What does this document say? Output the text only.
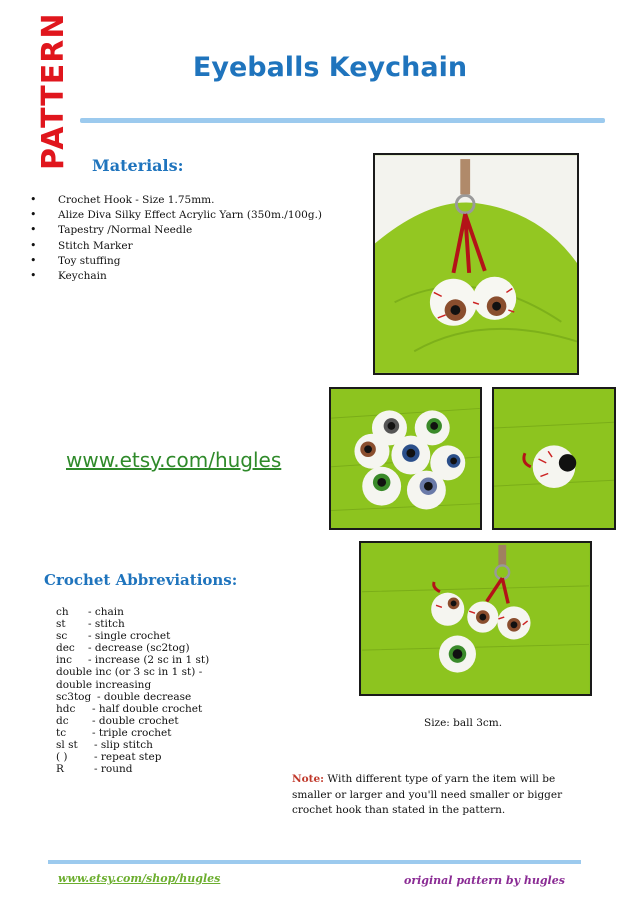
PATTERN	Eyeballs Keychain
Materials:
• Crochet Hook - Size 1.75mm.
• Alize Diva Silky Effect Acrylic Yarn (350m./100g.)
• Tapestry /Normal Needle
• Stitch Marker
• Toy stuffing
• Keychain
www.etsy.com/hugles
Crochet Abbreviations:
ch - chain
st - stitch
sc - single crochet
dec - decrease (sc2tog)
inc - increase (2 sc in 1 st)
double inc (or 3 sc in 1 st) - double increasing
sc3tog - double decrease
hdc - half double crochet
dc - double crochet
tc - triple crochet
sl st - slip stitch
( )	- repeat step
R	- round
Size: ball 3cm.
Note: With different type of yarn the item will be smaller or larger and you'll need smaller or bigger crochet hook than stated in the pattern.
www.etsy.com/shop/hugles	original pattern by hugles
